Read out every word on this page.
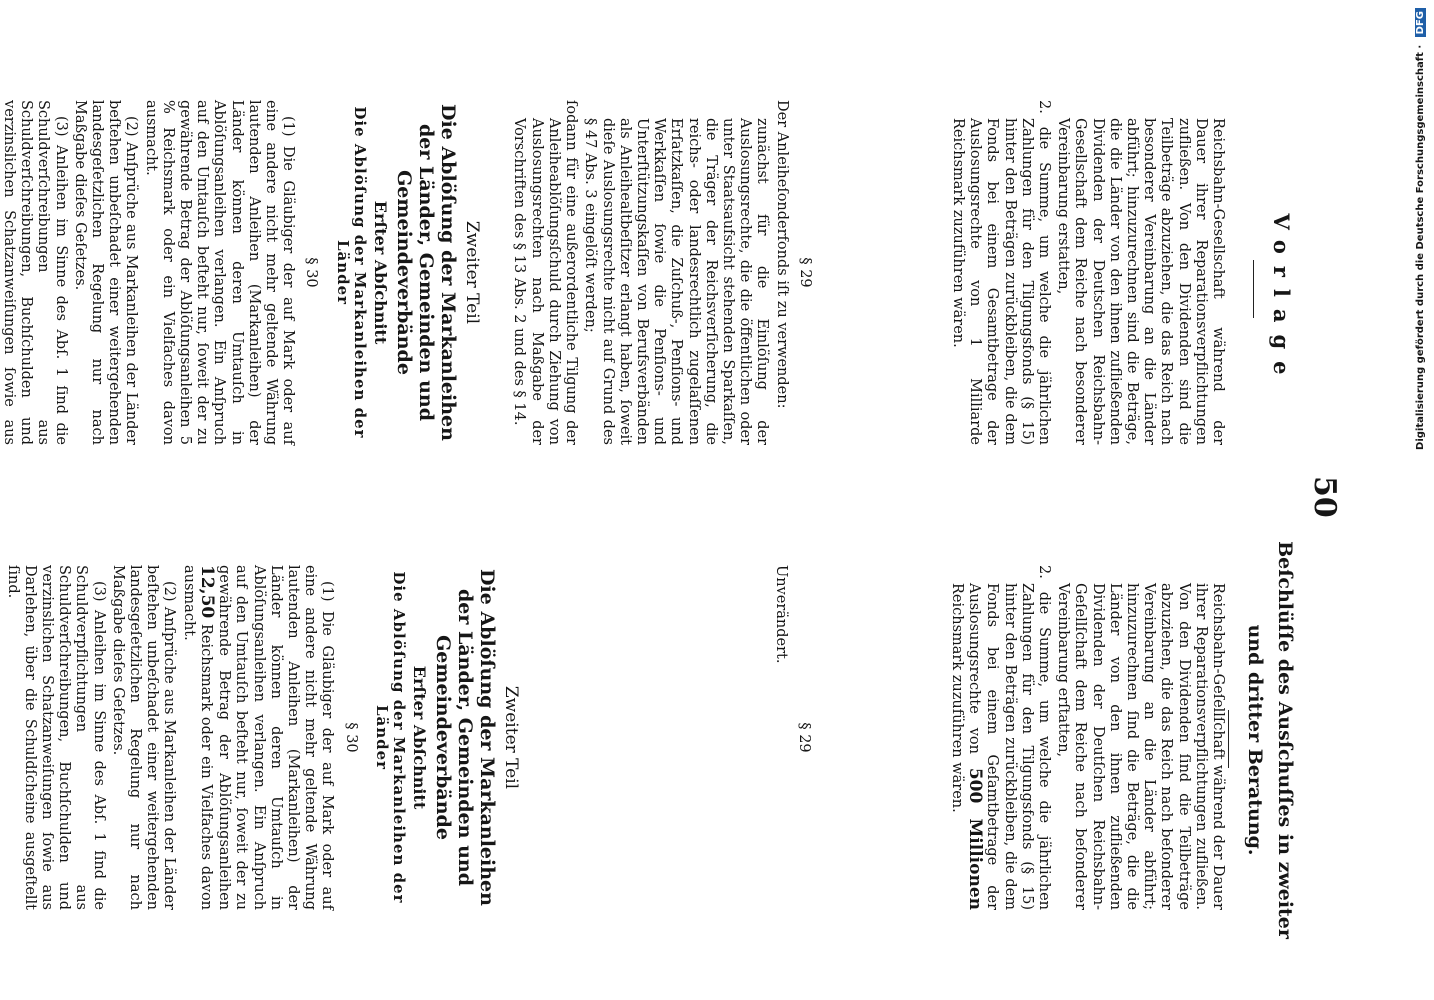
50
Vorlage
Beſchlüſſe des Ausſchuſſes in zweiter und dritter Beratung.

Reichsbahn-Gesellschaft während der Dauer ihrer Reparationsverpflichtungen zufließen. Von den Dividenden sind die Teilbeträge abzuziehen, die das Reich nach besonderer Vereinbarung an die Länder abführt; hinzuzurechnen sind die Beträge, die die Länder von den ihnen zufließenden Dividenden der Deutschen Reichsbahn-Gesellschaft dem Reiche nach besonderer Vereinbarung erstatten,

2. die Summe, um welche die jährlichen Zahlungen für den Tilgungsfonds (§ 15) hinter den Beträgen zurückbleiben, die dem Fonds bei einem Gesamtbetrage der Auslosungsrechte von 1 Milliarde Reichsmark zuzuführen wären.

§ 29

Der Anleiheſonderfonds iſt zu verwenden:

zunächst für die Einlöſung der Auslosungsrechte, die die öffentlichen oder unter Staatsaufsicht stehenden Sparkaſſen, die Träger der Reichsverſicherung, die reichs- oder landesrechtlich zugelaſſenen Erſatzkaſſen, die Zuſchuß-, Penſions- und Werkkaſſen ſowie die Penſions- und Unterſtützungskaſſen von Berufsverbänden als Anleihealtbeſitzer erlangt haben, ſoweit dieſe Auslosungsrechte nicht auf Grund des § 47 Abs. 3 eingelöſt werden;

ſodann für eine außerordentliche Tilgung der Anleiheablöſungsſchuld durch Ziehung von Auslosungsrechten nach Maßgabe der Vorschriften des § 13 Abs. 2 und des § 14.

Zweiter Teil
Die Ablöſung der Markanleihen der Länder, Gemeinden und Gemeindeverbände
Erſter Abſchnitt
Die Ablöſung der Markanleihen der Länder
§ 30

(1) Die Gläubiger der auf Mark oder auf eine andere nicht mehr geltende Währung lautenden Anleihen (Markanleihen) der Länder können deren Umtauſch in Ablöſungsanleihen verlangen. Ein Anſpruch auf den Umtauſch beſteht nur, ſoweit der zu gewährende Betrag der Ablöſungsanleihen 5 % Reichsmark oder ein Vielfaches davon ausmacht.

(2) Anſprüche aus Markanleihen der Länder beſtehen unbeſchadet einer weitergehenden landesgeſetzlichen Regelung nur nach Maßgabe dieſes Geſetzes.

(3) Anleihen im Sinne des Abſ. 1 ſind die Schuldverſchreibungen aus Schuldverſchreibungen, Buchſchulden und verzinslichen Schatzanweiſungen ſowie aus

Reichsbahn-Geſellſchaft während der Dauer ihrer Reparationsverpflichtungen zufließen. Von den Dividenden ſind die Teilbeträge abzuziehen, die das Reich nach beſonderer Vereinbarung an die Länder abführt; hinzuzurechnen ſind die Beträge, die die Länder von den ihnen zufließenden Dividenden der Deutſchen Reichsbahn-Geſellſchaft dem Reiche nach beſonderer Vereinbarung erſtatten,

2. die Summe, um welche die jährlichen Zahlungen für den Tilgungsfonds (§ 15) hinter den Beträgen zurückbleiben, die dem Fonds bei einem Geſamtbetrage der Auslosungsrechte von 500 Millionen Reichsmark zuzuführen wären.

§ 29

Unverändert.

Zweiter Teil
Die Ablöſung der Markanleihen der Länder, Gemeinden und Gemeindeverbände
Erſter Abſchnitt
Die Ablöſung der Markanleihen der Länder
§ 30

(1) Die Gläubiger der auf Mark oder auf eine andere nicht mehr geltende Währung lautenden Anleihen (Markanleihen) der Länder können deren Umtauſch in Ablöſungsanleihen verlangen. Ein Anſpruch auf den Umtauſch beſteht nur, ſoweit der zu gewährende Betrag der Ablöſungsanleihen 12,50 Reichsmark oder ein Vielfaches davon ausmacht.

(2) Anſprüche aus Markanleihen der Länder beſtehen unbeſchadet einer weitergehenden landesgeſetzlichen Regelung nur nach Maßgabe dieſes Geſetzes.

(3) Anleihen im Sinne des Abſ. 1 ſind die Schuldverpflichtungen aus Schuldverſchreibungen, Buchſchulden und verzinslichen Schatzanweiſungen ſowie aus Darlehen, über die Schuldſcheine ausgeſtellt ſind.

Digitalisierung gefördert durch die Deutsche Forschungsgemeinschaft · DFG
